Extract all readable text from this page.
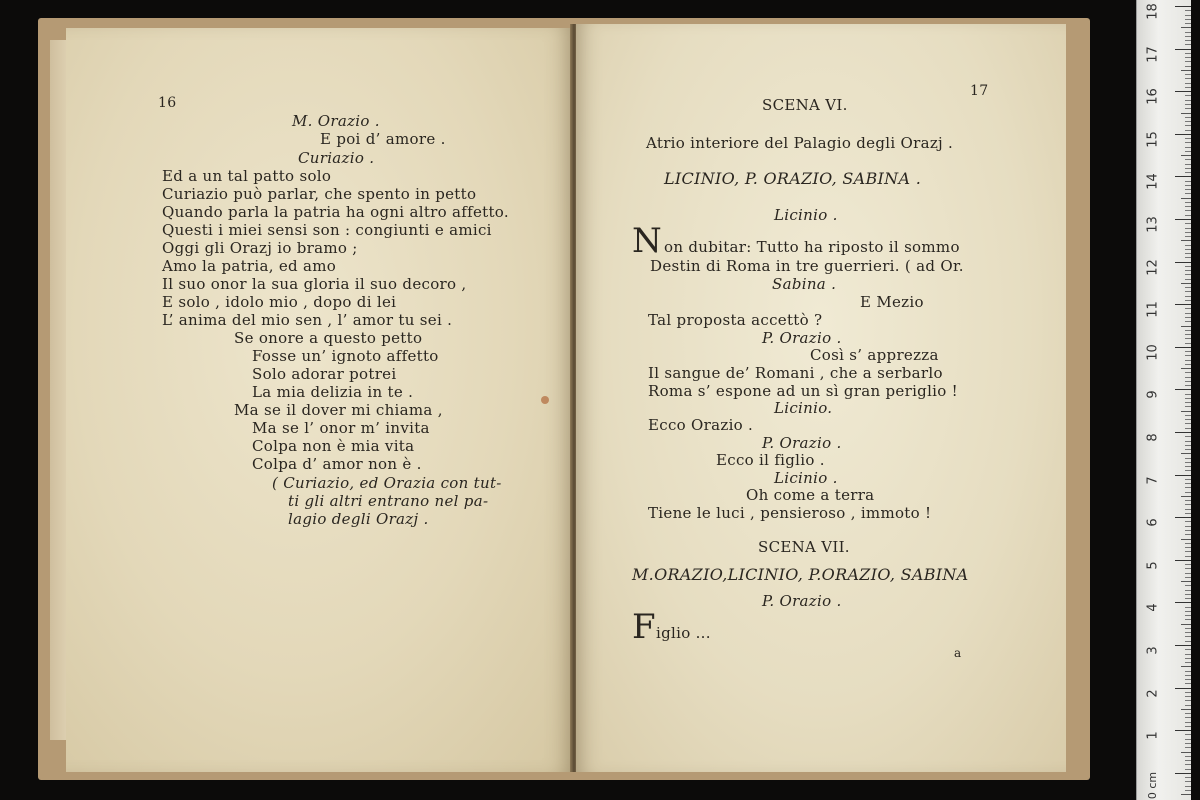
16
M. Orazio .
E poi d’ amore .
Curiazio .
Ed a un tal patto solo
Curiazio può parlar, che spento in petto
Quando parla la patria ha ogni altro affetto.
Questi i miei sensi son : congiunti e amici
Oggi gli Orazj io bramo ;
Amo la patria, ed amo
Il suo onor la sua gloria il suo decoro ,
E solo , idolo mio , dopo di lei
L’ anima del mio sen , l’ amor tu sei .
Se onore a questo petto
Fosse un’ ignoto affetto
Solo adorar potrei
La mia delizia in te .
Ma se il dover mi chiama ,
Ma se l’ onor m’ invita
Colpa non è mia vita
Colpa d’ amor non è .
( Curiazio, ed Orazia con tut-
ti gli altri entrano nel pa-
lagio degli Orazj .
17
SCENA VI.
Atrio interiore del Palagio degli Orazj .
LICINIO, P. ORAZIO, SABINA .
Licinio .
N on dubitar: Tutto ha riposto il sommo
Destin di Roma in tre guerrieri. ( ad Or.
Sabina .
E Mezio
Tal proposta accettò ?
P. Orazio .
Così s’ apprezza
Il sangue de’ Romani , che a serbarlo
Roma s’ espone ad un sì gran periglio !
Licinio.
Ecco Orazio .
P. Orazio .
Ecco il figlio .
Licinio .
Oh come a terra
Tiene le luci , pensieroso , immoto !
SCENA VII.
M.ORAZIO,LICINIO, P.ORAZIO, SABINA
P. Orazio .
F iglio ...
a
18
17
16
15
14
13
12
11
10
9
8
7
6
5
4
3
2
1
0 cm
